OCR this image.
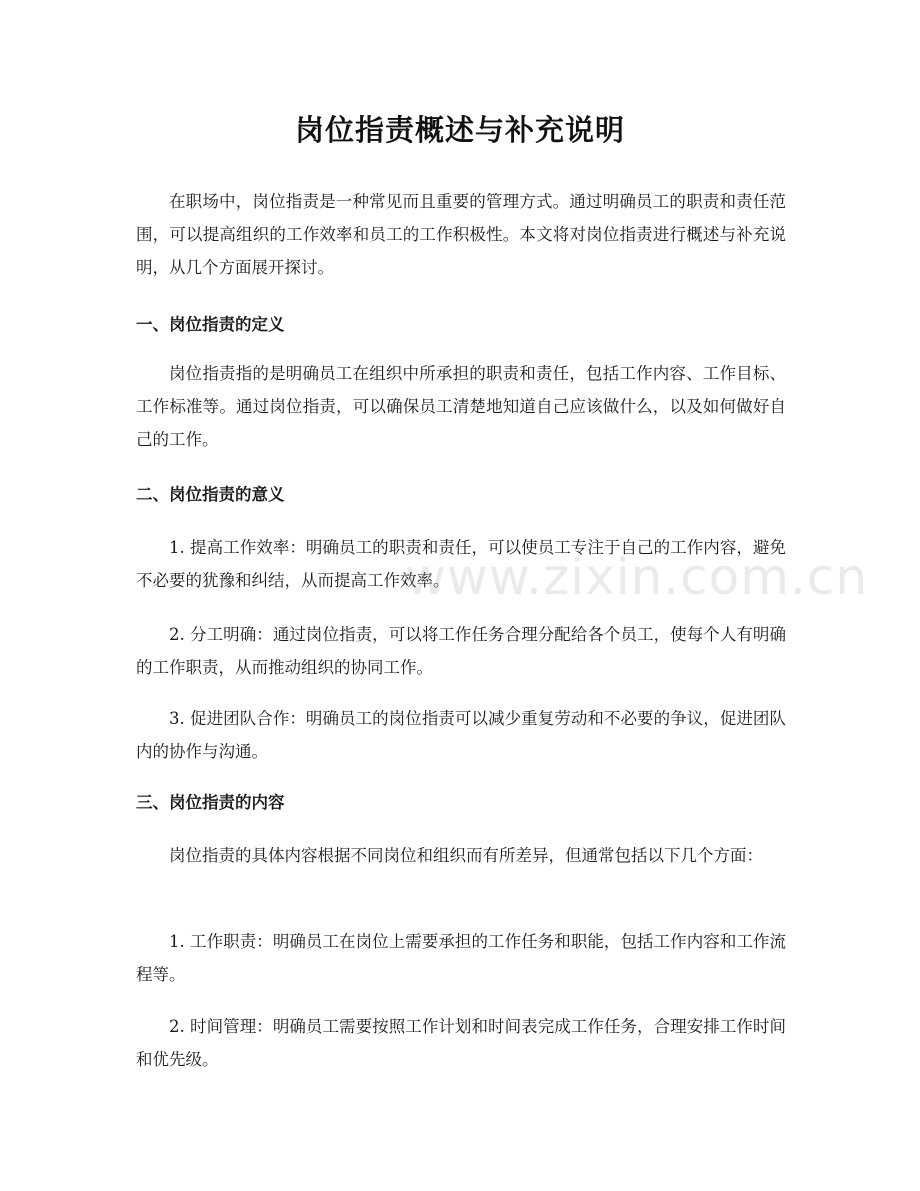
岗位指责概述与补充说明

在职场中，岗位指责是一种常见而且重要的管理方式。通过明确员工的职责和责任范围，可以提高组织的工作效率和员工的工作积极性。本文将对岗位指责进行概述与补充说明，从几个方面展开探讨。

一、岗位指责的定义

岗位指责指的是明确员工在组织中所承担的职责和责任，包括工作内容、工作目标、工作标准等。通过岗位指责，可以确保员工清楚地知道自己应该做什么，以及如何做好自己的工作。

二、岗位指责的意义

1. 提高工作效率：明确员工的职责和责任，可以使员工专注于自己的工作内容，避免不必要的犹豫和纠结，从而提高工作效率。

2. 分工明确：通过岗位指责，可以将工作任务合理分配给各个员工，使每个人有明确的工作职责，从而推动组织的协同工作。

3. 促进团队合作：明确员工的岗位指责可以减少重复劳动和不必要的争议，促进团队内的协作与沟通。

三、岗位指责的内容

岗位指责的具体内容根据不同岗位和组织而有所差异，但通常包括以下几个方面：

1. 工作职责：明确员工在岗位上需要承担的工作任务和职能，包括工作内容和工作流程等。

2. 时间管理：明确员工需要按照工作计划和时间表完成工作任务，合理安排工作时间和优先级。

www.zixin.com.cn
